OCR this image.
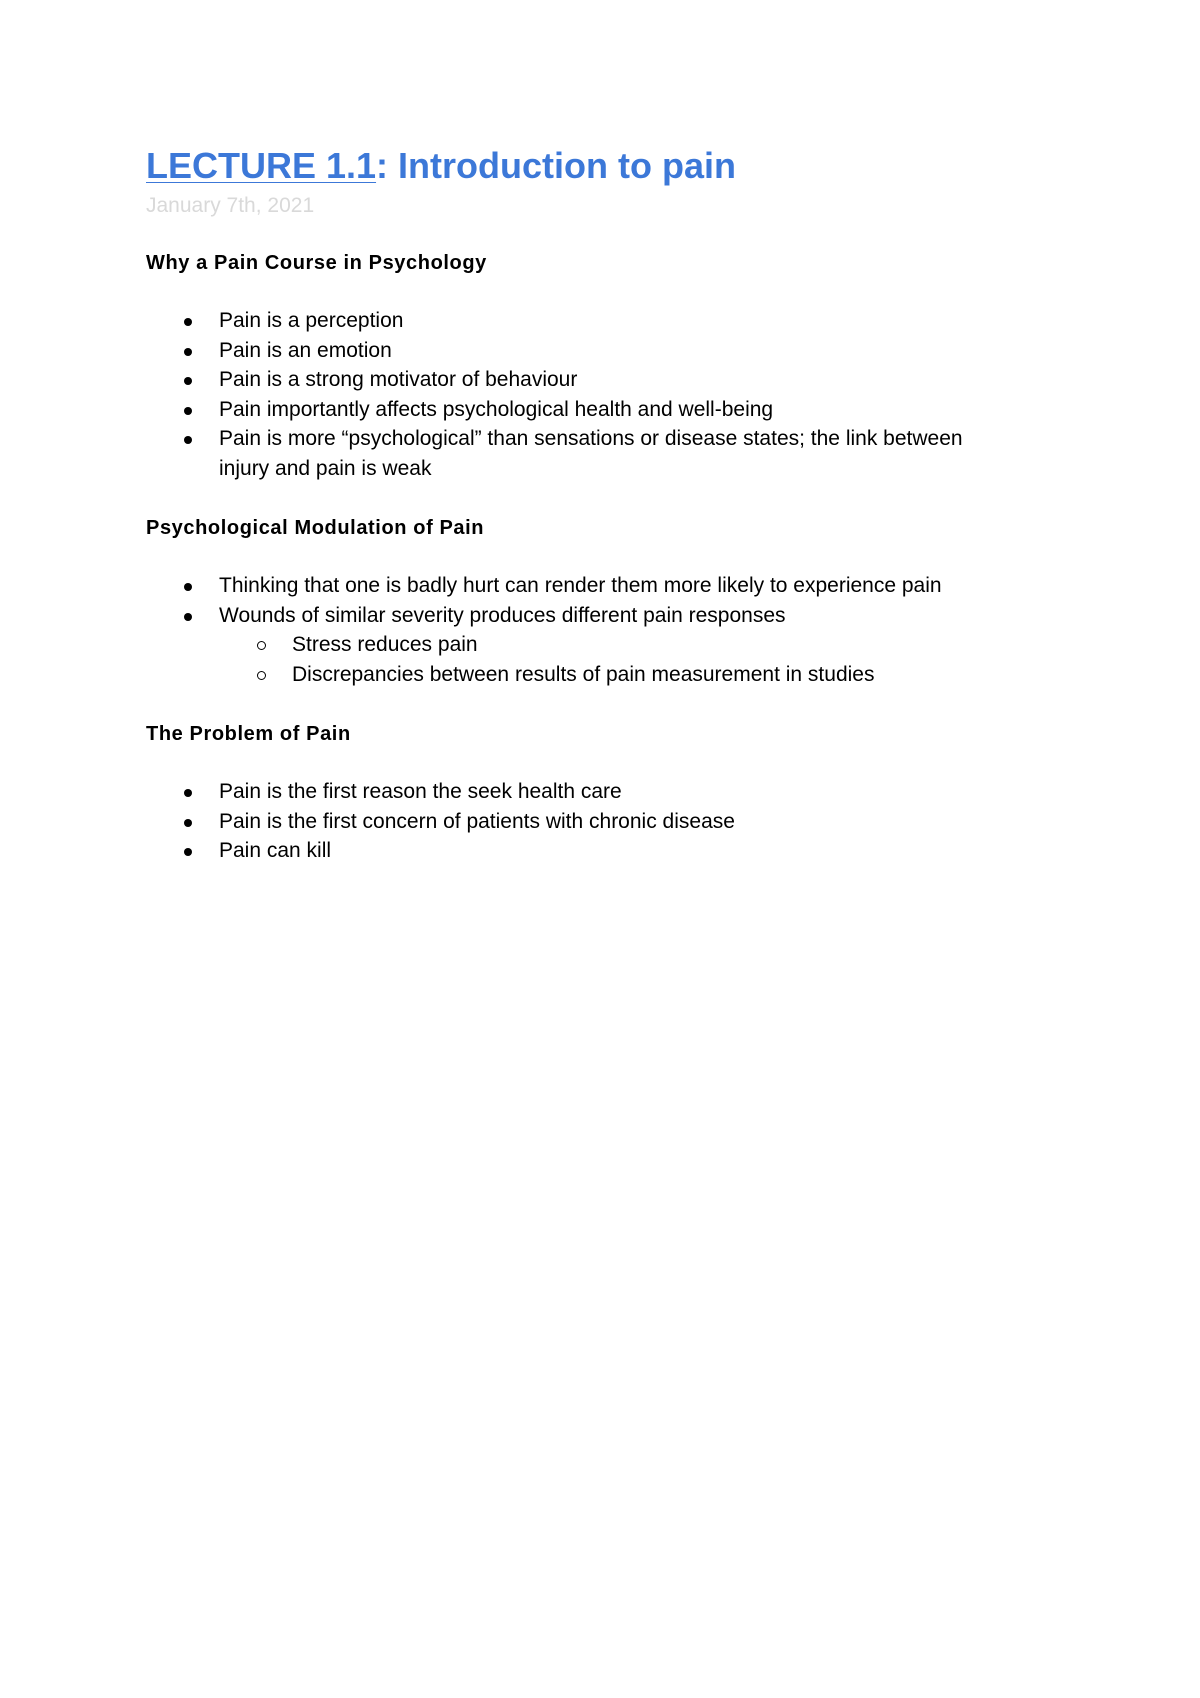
LECTURE 1.1: Introduction to pain

January 7th, 2021

Why a Pain Course in Psychology
Pain is a perception
Pain is an emotion
Pain is a strong motivator of behaviour
Pain importantly affects psychological health and well-being
Pain is more “psychological” than sensations or disease states; the link between injury and pain is weak
Psychological Modulation of Pain
Thinking that one is badly hurt can render them more likely to experience pain
Wounds of similar severity produces different pain responses
Stress reduces pain
Discrepancies between results of pain measurement in studies
The Problem of Pain
Pain is the first reason the seek health care
Pain is the first concern of patients with chronic disease
Pain can kill
